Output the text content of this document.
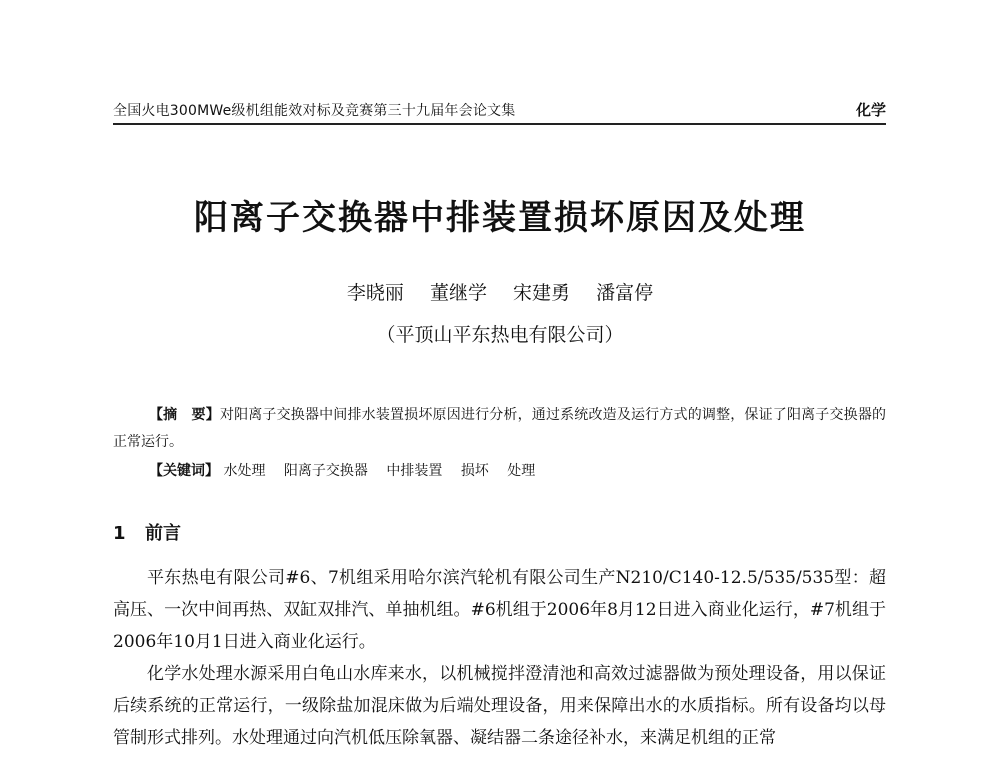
全国火电300MWe级机组能效对标及竞赛第三十九届年会论文集	化学
阳离子交换器中排装置损坏原因及处理
李晓丽 董继学 宋建勇 潘富停
（平顶山平东热电有限公司）
【摘　要】对阳离子交换器中间排水装置损坏原因进行分析，通过系统改造及运行方式的调整，保证了阳离子交换器的正常运行。
【关键词】 水处理 阳离子交换器 中排装置 损坏 处理
1 前言
平东热电有限公司#6、7机组采用哈尔滨汽轮机有限公司生产N210/C140-12.5/535/535型：超高压、一次中间再热、双缸双排汽、单抽机组。#6机组于2006年8月12日进入商业化运行，#7机组于2006年10月1日进入商业化运行。
化学水处理水源采用白龟山水库来水，以机械搅拌澄清池和高效过滤器做为预处理设备，用以保证后续系统的正常运行，一级除盐加混床做为后端处理设备，用来保障出水的水质指标。所有设备均以母管制形式排列。水处理通过向汽机低压除氧器、凝结器二条途径补水，来满足机组的正常
